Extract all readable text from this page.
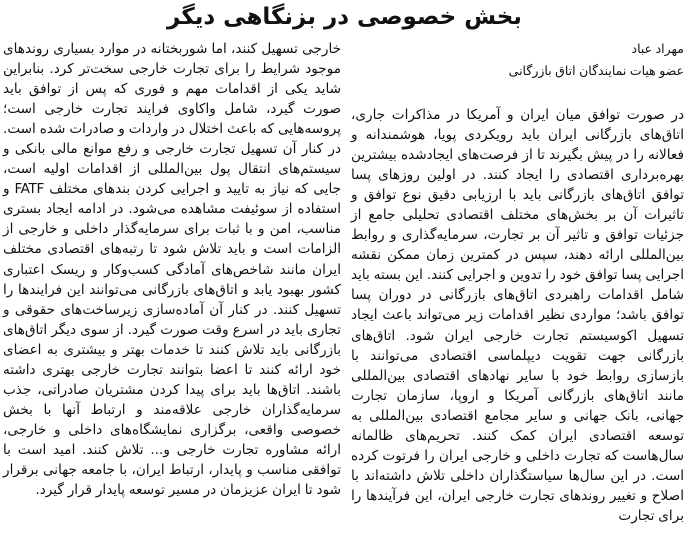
بخش خصوصی در بزنگاهی دیگر
مهراد عباد
عضو هیات نمایندگان اتاق بازرگانی

در صورت توافق میان ایران و آمریکا در مذاکرات جاری، اتاق‌های بازرگانی ایران باید رویکردی پویا، هوشمندانه و فعالانه را در پیش بگیرند تا از فرصت‌های ایجادشده بیشترین بهره‌برداری اقتصادی را ایجاد کنند. در اولین روزهای پسا توافق اتاق‌های بازرگانی باید با ارزیابی دقیق نوع توافق و تاثیرات آن بر بخش‌های مختلف اقتصادی تحلیلی جامع از جزئیات توافق و تاثیر آن بر تجارت، سرمایه‌گذاری و روابط بین‌المللی ارائه دهند، سپس در کمترین زمان ممکن نقشه اجرایی پسا توافق خود را تدوین و اجرایی کنند. این بسته باید شامل اقدامات راهبردی اتاق‌های بازرگانی در دوران پسا توافق باشد؛ مواردی نظیر اقدامات زیر می‌تواند باعث ایجاد تسهیل اکوسیستم تجارت خارجی ایران شود. اتاق‌های بازرگانی جهت تقویت دیپلماسی اقتصادی می‌توانند با بازسازی روابط خود با سایر نهادهای اقتصادی بین‌المللی مانند اتاق‌های بازرگانی آمریکا و اروپا، سازمان تجارت جهانی، بانک جهانی و سایر مجامع اقتصادی بین‌المللی به توسعه اقتصادی ایران کمک کنند. تحریم‌های ظالمانه سال‌هاست که تجارت داخلی و خارجی ایران را فرتوت کرده است. در این سال‌ها سیاستگذاران داخلی تلاش داشته‌اند با اصلاح و تغییر روندهای تجارت خارجی ایران، این فرآیندها را برای تجارت

خارجی تسهیل کنند، اما شوربختانه در موارد بسیاری روندهای موجود شرایط را برای تجارت خارجی سخت‌تر کرد. بنابراین شاید یکی از اقدامات مهم و فوری که پس از توافق باید صورت گیرد، شامل واکاوی فرایند تجارت خارجی است؛ پروسه‌هایی که باعث اختلال در واردات و صادرات شده است. در کنار آن تسهیل تجارت خارجی و رفع موانع مالی بانکی و سیستم‌های انتقال پول بین‌المللی از اقدامات اولیه است، جایی که نیاز به تایید و اجرایی کردن بندهای مختلف FATF و استفاده از سوئیفت مشاهده می‌شود. در ادامه ایجاد بستری مناسب، امن و با ثبات برای سرمایه‌گذار داخلی و خارجی از الزامات است و باید تلاش شود تا رتبه‌های اقتصادی مختلف ایران مانند شاخص‌های آمادگی کسب‌وکار و ریسک اعتباری کشور بهبود یابد و اتاق‌های بازرگانی می‌توانند این فرایندها را تسهیل کنند. در کنار آن آماده‌سازی زیرساخت‌های حقوقی و تجاری باید در اسرع وقت صورت گیرد. از سوی دیگر اتاق‌های بازرگانی باید تلاش کنند تا خدمات بهتر و بیشتری به اعضای خود ارائه کنند تا اعضا بتوانند تجارت خارجی بهتری داشته باشند. اتاق‌ها باید برای پیدا کردن مشتریان صادراتی، جذب سرمایه‌گذاران خارجی علاقه‌مند و ارتباط آنها با بخش خصوصی واقعی، برگزاری نمایشگاه‌های داخلی و خارجی، ارائه مشاوره تجارت خارجی و... تلاش کنند. امید است با توافقی مناسب و پایدار، ارتباط ایران، با جامعه جهانی برقرار شود تا ایران عزیزمان در مسیر توسعه پایدار قرار گیرد.
